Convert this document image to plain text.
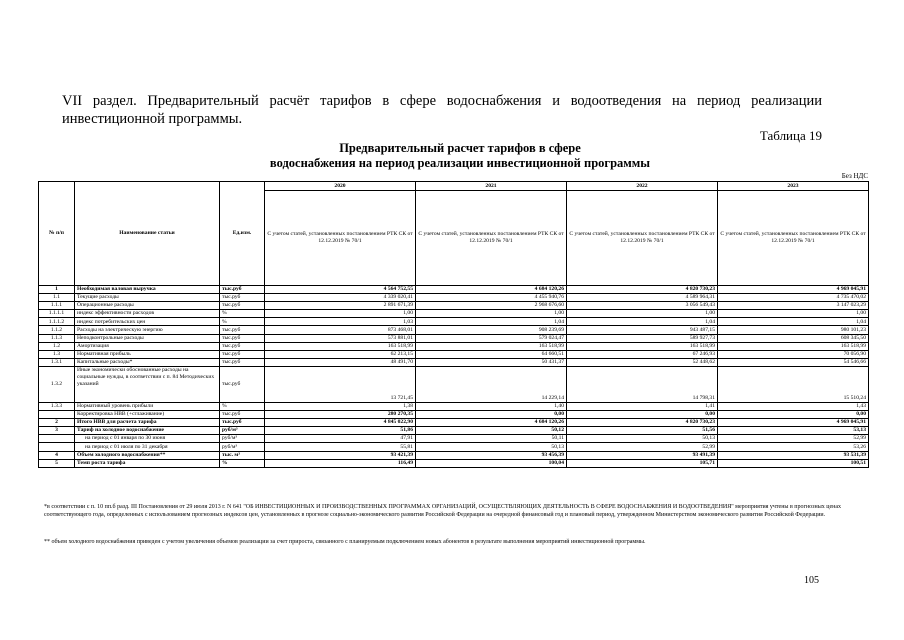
VII раздел. Предварительный расчёт тарифов в сфере водоснабжения и водоотведения на период реализации инвестиционной программы.
Таблица 19
Предварительный расчет тарифов в сфере
водоснабжения на период реализации инвестиционной программы
Без НДС
№ п/п	Наименование статьи	Ед.изм.	2020	2021	2022	2023
			С учетом статей, установленных постановлением РТК СК от 12.12.2019 № 70/1	С учетом статей, установленных постановлением РТК СК от 12.12.2019 № 70/1	С учетом статей, установленных постановлением РТК СК от 12.12.2019 № 70/1	С учетом статей, установленных постановлением РТК СК от 12.12.2019 № 70/1
1	Необходимая валовая выручка	тыс.руб	4 564 752,55	4 684 120,26	4 820 730,23	4 969 045,91
1.1	Текущие расходы	тыс.руб	4 339 020,41	4 455 940,76	4 589 964,31	4 735 470,02
1.1.1	Операционные расходы	тыс.руб	2 891 671,39	2 968 676,60	3 056 549,43	3 147 023,29
1.1.1.1	индекс эффективности расходов	%	1,00	1,00	1,00	1,00
1.1.1.2	индекс потребительских цен	%	1,03	1,04	1,04	1,04
1.1.2	Расходы на электрическую энергию	тыс.руб	873 468,01	908 239,69	943 487,15	980 101,23
1.1.3	Неподконтрольные расходы	тыс.руб	573 881,01	579 024,47	589 927,73	608 345,50
1.2	Амортизация	тыс.руб	163 518,99	163 518,99	163 518,99	163 518,99
1.3	Нормативная прибыль	тыс.руб	62 213,15	64 660,51	67 246,93	70 056,90
1.3.1	Капитальные расходы*	тыс.руб	48 491,70	50 431,37	52 448,62	54 546,66
1.3.2	Иные экономически обоснованные расходы на социальные нужды, в соответствии с п. 84 Методических указаний	тыс.руб	13 721,45	14 229,14	14 798,31	15 510,24
1.3.3	Нормативный уровень прибыли	%	1,38	1,40	1,41	1,43
	Корректировка НВВ (+сглаживание)	тыс.руб	280 270,35	0,00	0,00	0,00
2	Итого НВВ для расчета тарифа	тыс.руб	4 845 022,90	4 684 120,26	4 820 730,23	4 969 045,91
3	Тариф на холодное водоснабжение	руб/м³	51,86	50,12	51,56	53,13
	на период с 01 января по 30 июня	руб/м³	47,91	50,11	50,13	52,99
	на период с 01 июля по 31 декабря	руб/м³	55,81	50,13	52,99	53,26
4	Объем холодного водоснабжения**	тыс. м³	93 421,39	93 456,39	93 491,39	93 531,39
5	Темп роста тарифа	%	116,49	100,04	105,71	100,51
*в соответствии с п. 10 пп.б разд. III Постановления от 29 июля 2013 г. N 641 "ОБ ИНВЕСТИЦИОННЫХ И ПРОИЗВОДСТВЕННЫХ ПРОГРАММАХ ОРГАНИЗАЦИЙ, ОСУЩЕСТВЛЯЮЩИХ ДЕЯТЕЛЬНОСТЬ В СФЕРЕ ВОДОСНАБЖЕНИЯ И ВОДООТВЕДЕНИЯ" мероприятия учтены в прогнозных ценах соответствующего года, определенных с использованием прогнозных индексов цен, установленных в прогнозе социально-экономического развития Российской Федерации на очередной финансовый год и плановый период, утвержденном Министерством экономического развития Российской Федерации.
** объем холодного водоснабжения приведен с учетом увеличения объемов реализации за счет прироста, связанного с планируемым подключением новых абонентов в результате выполнения мероприятий инвестиционной программы.
105
